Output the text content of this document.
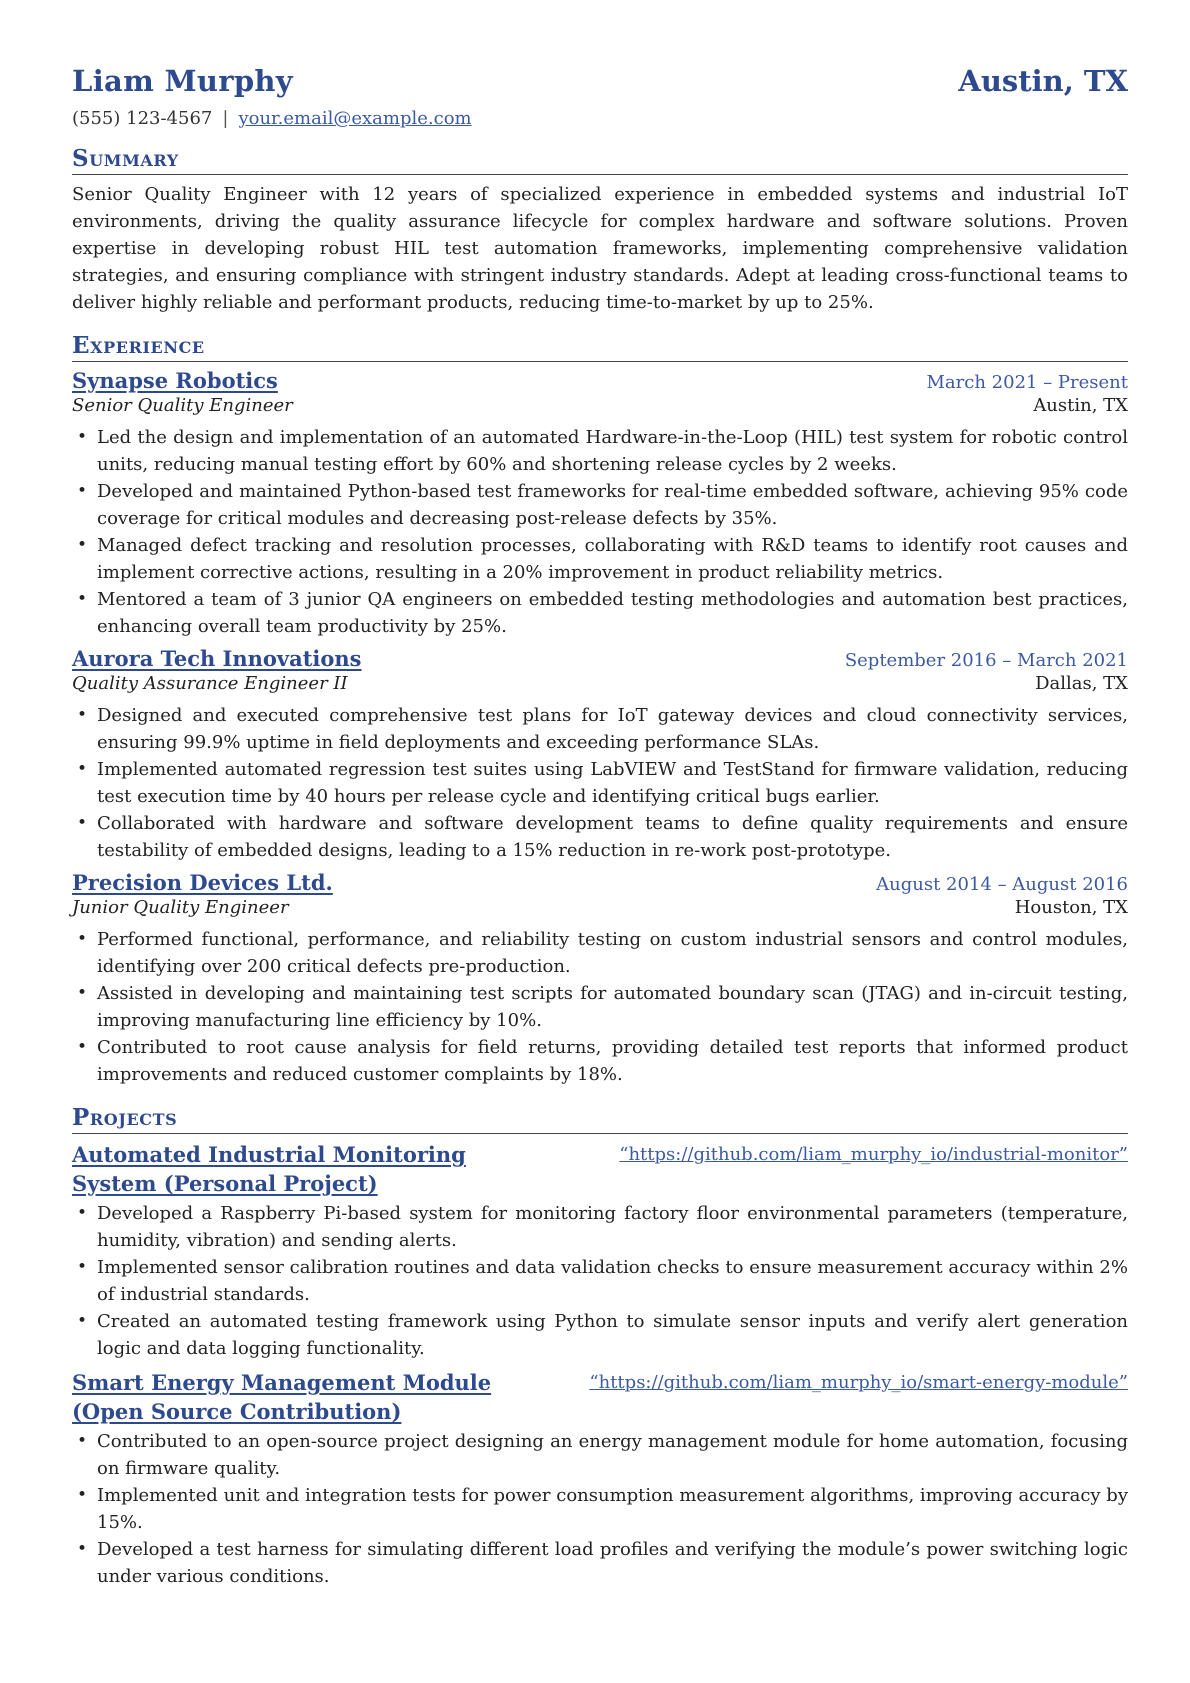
Liam Murphy	Austin, TX
(555) 123-4567 | your.email@example.com
Summary

Senior Quality Engineer with 12 years of specialized experience in embedded systems and industrial IoT environments, driving the quality assurance lifecycle for complex hardware and software solutions. Proven expertise in developing robust HIL test automation frameworks, implementing comprehensive validation strategies, and ensuring compliance with stringent industry standards. Adept at leading cross-functional teams to deliver highly reliable and performant products, reducing time-to-market by up to 25%.

Experience
Synapse Robotics	March 2021 – Present
Senior Quality Engineer	Austin, TX
• Led the design and implementation of an automated Hardware-in-the-Loop (HIL) test system for robotic control units, reducing manual testing effort by 60% and shortening release cycles by 2 weeks.
• Developed and maintained Python-based test frameworks for real-time embedded software, achieving 95% code coverage for critical modules and decreasing post-release defects by 35%.
• Managed defect tracking and resolution processes, collaborating with R&D teams to identify root causes and implement corrective actions, resulting in a 20% improvement in product reliability metrics.
• Mentored a team of 3 junior QA engineers on embedded testing methodologies and automation best practices, enhancing overall team productivity by 25%.
Aurora Tech Innovations	September 2016 – March 2021
Quality Assurance Engineer II	Dallas, TX
• Designed and executed comprehensive test plans for IoT gateway devices and cloud connectivity services, ensuring 99.9% uptime in field deployments and exceeding performance SLAs.
• Implemented automated regression test suites using LabVIEW and TestStand for firmware validation, reducing test execution time by 40 hours per release cycle and identifying critical bugs earlier.
• Collaborated with hardware and software development teams to define quality requirements and ensure testability of embedded designs, leading to a 15% reduction in re-work post-prototype.
Precision Devices Ltd.	August 2014 – August 2016
Junior Quality Engineer	Houston, TX
• Performed functional, performance, and reliability testing on custom industrial sensors and control modules, identifying over 200 critical defects pre-production.
• Assisted in developing and maintaining test scripts for automated boundary scan (JTAG) and in-circuit testing, improving manufacturing line efficiency by 10%.
• Contributed to root cause analysis for field returns, providing detailed test reports that informed product improvements and reduced customer complaints by 18%.
Projects
Automated Industrial Monitoring System (Personal Project)
“https://github.com/liam_murphy_io/industrial-monitor”
• Developed a Raspberry Pi-based system for monitoring factory floor environmental parameters (temperature, humidity, vibration) and sending alerts.
• Implemented sensor calibration routines and data validation checks to ensure measurement accuracy within 2% of industrial standards.
• Created an automated testing framework using Python to simulate sensor inputs and verify alert generation logic and data logging functionality.
Smart Energy Management Module (Open Source Contribution)
“https://github.com/liam_murphy_io/smart-energy-module”
• Contributed to an open-source project designing an energy management module for home automation, focusing on firmware quality.
• Implemented unit and integration tests for power consumption measurement algorithms, improving accuracy by 15%.
• Developed a test harness for simulating different load profiles and verifying the module’s power switching logic under various conditions.
